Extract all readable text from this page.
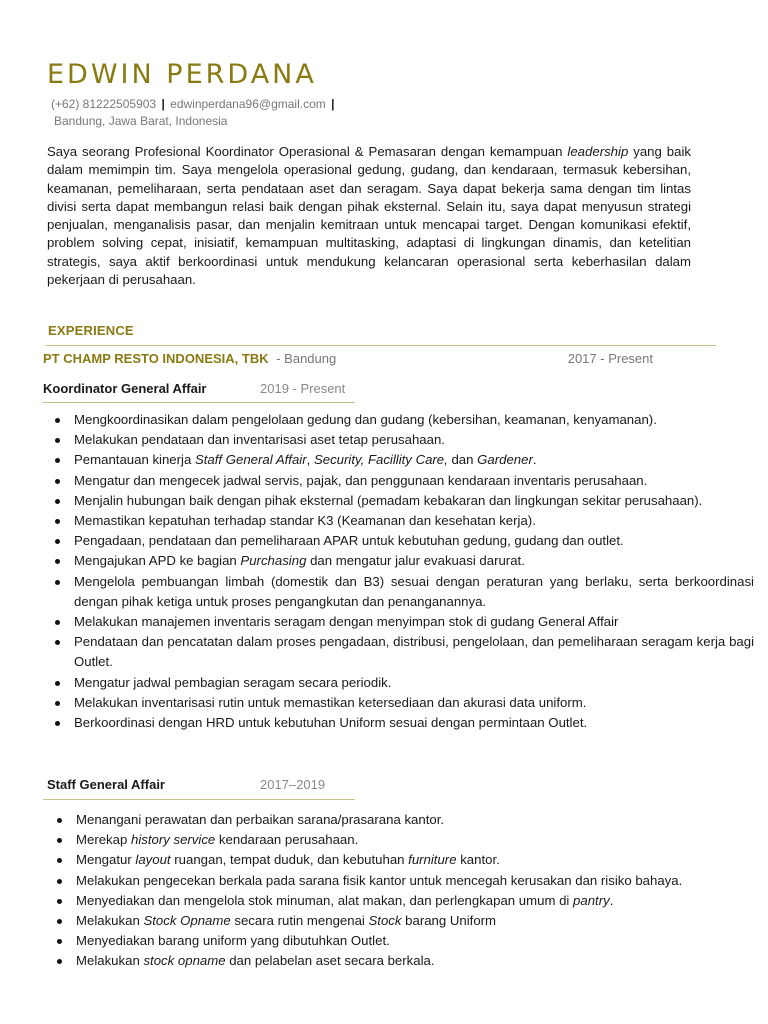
EDWIN PERDANA
(+62) 81222505903 | edwinperdana96@gmail.com |
Bandung, Jawa Barat, Indonesia

Saya seorang Profesional Koordinator Operasional & Pemasaran dengan kemampuan leadership yang baik dalam memimpin tim. Saya mengelola operasional gedung, gudang, dan kendaraan, termasuk kebersihan, keamanan, pemeliharaan, serta pendataan aset dan seragam. Saya dapat bekerja sama dengan tim lintas divisi serta dapat membangun relasi baik dengan pihak eksternal. Selain itu, saya dapat menyusun strategi penjualan, menganalisis pasar, dan menjalin kemitraan untuk mencapai target. Dengan komunikasi efektif, problem solving cepat, inisiatif, kemampuan multitasking, adaptasi di lingkungan dinamis, dan ketelitian strategis, saya aktif berkoordinasi untuk mendukung kelancaran operasional serta keberhasilan dalam pekerjaan di perusahaan.

EXPERIENCE
PT CHAMP RESTO INDONESIA, TBK - Bandung	2017 - Present
Koordinator General Affair	2019 - Present
Mengkoordinasikan dalam pengelolaan gedung dan gudang (kebersihan, keamanan, kenyamanan).
Melakukan pendataan dan inventarisasi aset tetap perusahaan.
Pemantauan kinerja Staff General Affair, Security, Facillity Care, dan Gardener.
Mengatur dan mengecek jadwal servis, pajak, dan penggunaan kendaraan inventaris perusahaan.
Menjalin hubungan baik dengan pihak eksternal (pemadam kebakaran dan lingkungan sekitar perusahaan).
Memastikan kepatuhan terhadap standar K3 (Keamanan dan kesehatan kerja).
Pengadaan, pendataan dan pemeliharaan APAR untuk kebutuhan gedung, gudang dan outlet.
Mengajukan APD ke bagian Purchasing dan mengatur jalur evakuasi darurat.
Mengelola pembuangan limbah (domestik dan B3) sesuai dengan peraturan yang berlaku, serta berkoordinasi dengan pihak ketiga untuk proses pengangkutan dan penanganannya.
Melakukan manajemen inventaris seragam dengan menyimpan stok di gudang General Affair
Pendataan dan pencatatan dalam proses pengadaan, distribusi, pengelolaan, dan pemeliharaan seragam kerja bagi Outlet.
Mengatur jadwal pembagian seragam secara periodik.
Melakukan inventarisasi rutin untuk memastikan ketersediaan dan akurasi data uniform.
Berkoordinasi dengan HRD untuk kebutuhan Uniform sesuai dengan permintaan Outlet.
Staff General Affair	2017–2019
Menangani perawatan dan perbaikan sarana/prasarana kantor.
Merekap history service kendaraan perusahaan.
Mengatur layout ruangan, tempat duduk, dan kebutuhan furniture kantor.
Melakukan pengecekan berkala pada sarana fisik kantor untuk mencegah kerusakan dan risiko bahaya.
Menyediakan dan mengelola stok minuman, alat makan, dan perlengkapan umum di pantry.
Melakukan Stock Opname secara rutin mengenai Stock barang Uniform
Menyediakan barang uniform yang dibutuhkan Outlet.
Melakukan stock opname dan pelabelan aset secara berkala.
